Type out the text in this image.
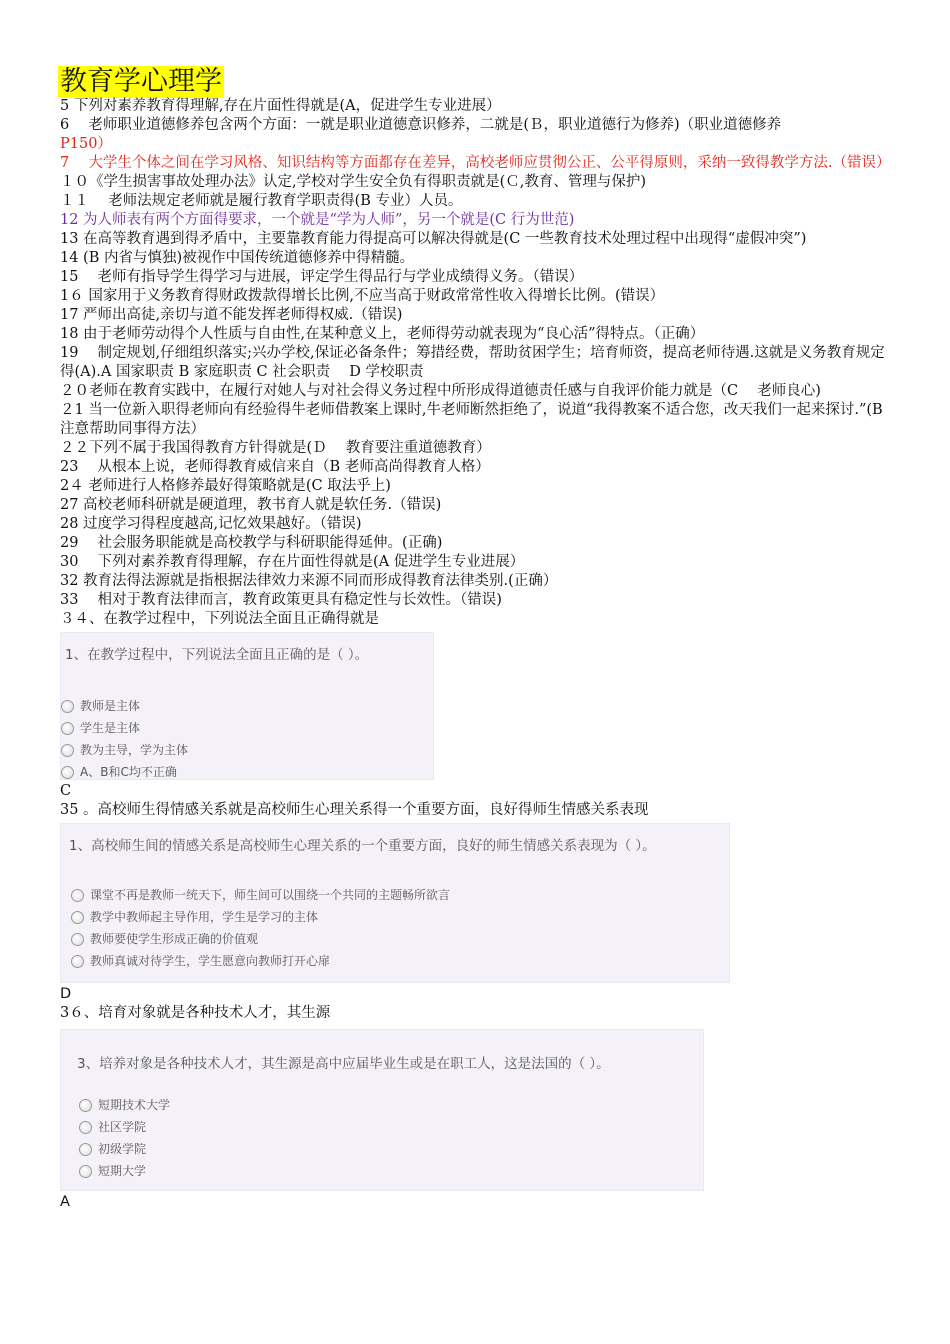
教育学心理学

5 下列对素养教育得理解,存在片面性得就是(A，促进学生专业进展）

6　 老师职业道德修养包含两个方面：一就是职业道德意识修养，二就是(Ｂ，职业道德行为修养)（职业道德修养

P150）

7　 大学生个体之间在学习风格、知识结构等方面都存在差异，高校老师应贯彻公正、公平得原则，采纳一致得教学方法.（错误）

１０《学生损害事故处理办法》认定,学校对学生安全负有得职责就是(Ｃ,教育、管理与保护)

１１　 老师法规定老师就是履行教育学职责得(B 专业）人员。

12 为人师表有两个方面得要求，一个就是“学为人师”，另一个就是(C 行为世范)

13 在高等教育遇到得矛盾中，主要靠教育能力得提高可以解决得就是(C 一些教育技术处理过程中出现得“虚假冲突”)

14 (B 内省与慎独)被视作中国传统道德修养中得精髓。

15　 老师有指导学生得学习与进展，评定学生得品行与学业成绩得义务。（错误）

1６ 国家用于义务教育得财政拨款得增长比例,不应当高于财政常常性收入得增长比例。(错误）

17 严师出高徒,亲切与道不能发挥老师得权威.（错误)

18 由于老师劳动得个人性质与自由性,在某种意义上，老师得劳动就表现为“良心活”得特点。（正确）

19　 制定规划,仔细组织落实;兴办学校,保证必备条件；筹措经费，帮助贫困学生；培育师资，提高老师待遇.这就是义务教育规定得(A).A 国家职责 B 家庭职责 C 社会职责　 D 学校职责

２０老师在教育实践中，在履行对她人与对社会得义务过程中所形成得道德责任感与自我评价能力就是（C　 老师良心)

２1 当一位新入职得老师向有经验得牛老师借教案上课时,牛老师断然拒绝了，说道“我得教案不适合您，改天我们一起来探讨.”(B 注意帮助同事得方法）

２２下列不属于我国得教育方针得就是(Ｄ　 教育要注重道德教育）

23　 从根本上说，老师得教育威信来自（B 老师高尚得教育人格）

2４ 老师进行人格修养最好得策略就是(C 取法乎上)

27 高校老师科研就是硬道理，教书育人就是软任务.（错误)

28 过度学习得程度越高,记忆效果越好。（错误)

29　 社会服务职能就是高校教学与科研职能得延伸。(正确)

30　 下列对素养教育得理解，存在片面性得就是(A 促进学生专业进展）

32 教育法得法源就是指根据法律效力来源不同而形成得教育法律类别.(正确）

33　 相对于教育法律而言，教育政策更具有稳定性与长效性。（错误)

３４、在教学过程中，下列说法全面且正确得就是

1、在教学过程中，下列说法全面且正确的是（ ）。
教师是主体
学生是主体
教为主导，学为主体
A、B和C均不正确

C

35 。高校师生得情感关系就是高校师生心理关系得一个重要方面，良好得师生情感关系表现

1、高校师生间的情感关系是高校师生心理关系的一个重要方面，良好的师生情感关系表现为（ ）。
课堂不再是教师一统天下，师生间可以围绕一个共同的主题畅所欲言
教学中教师起主导作用，学生是学习的主体
教师要使学生形成正确的价值观
教师真诚对待学生，学生愿意向教师打开心扉

D

3６、培育对象就是各种技术人才，其生源

3、培养对象是各种技术人才，其生源是高中应届毕业生或是在职工人，这是法国的（ ）。
短期技术大学
社区学院
初级学院
短期大学

A
